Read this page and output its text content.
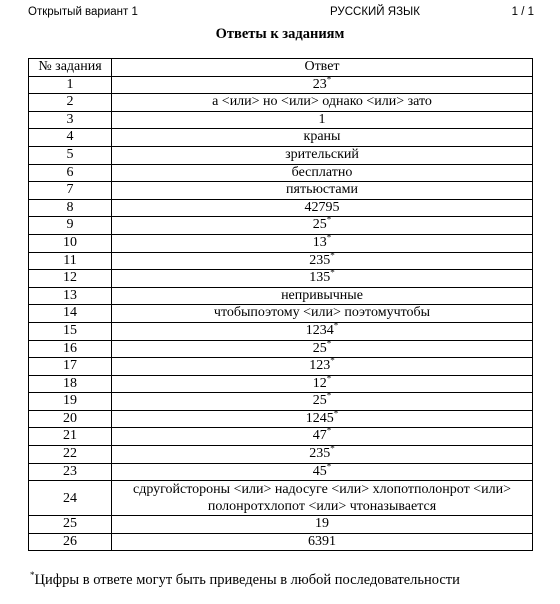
Открытый вариант 1	РУССКИЙ ЯЗЫК	1 / 1
Ответы к заданиям
№ задания	Ответ
1	23*
2	а <или> но <или> однако <или> зато
3	1
4	краны
5	зрительский
6	бесплатно
7	пятьюстами
8	42795
9	25*
10	13*
11	235*
12	135*
13	непривычные
14	чтобыпоэтому <или> поэтомучтобы
15	1234*
16	25*
17	123*
18	12*
19	25*
20	1245*
21	47*
22	235*
23	45*
24	сдругойстороны <или> надосуге <или> хлопотполонрот <или> полонротхлопот <или> чтоназывается
25	19
26	6391
*Цифры в ответе могут быть приведены в любой последовательности
